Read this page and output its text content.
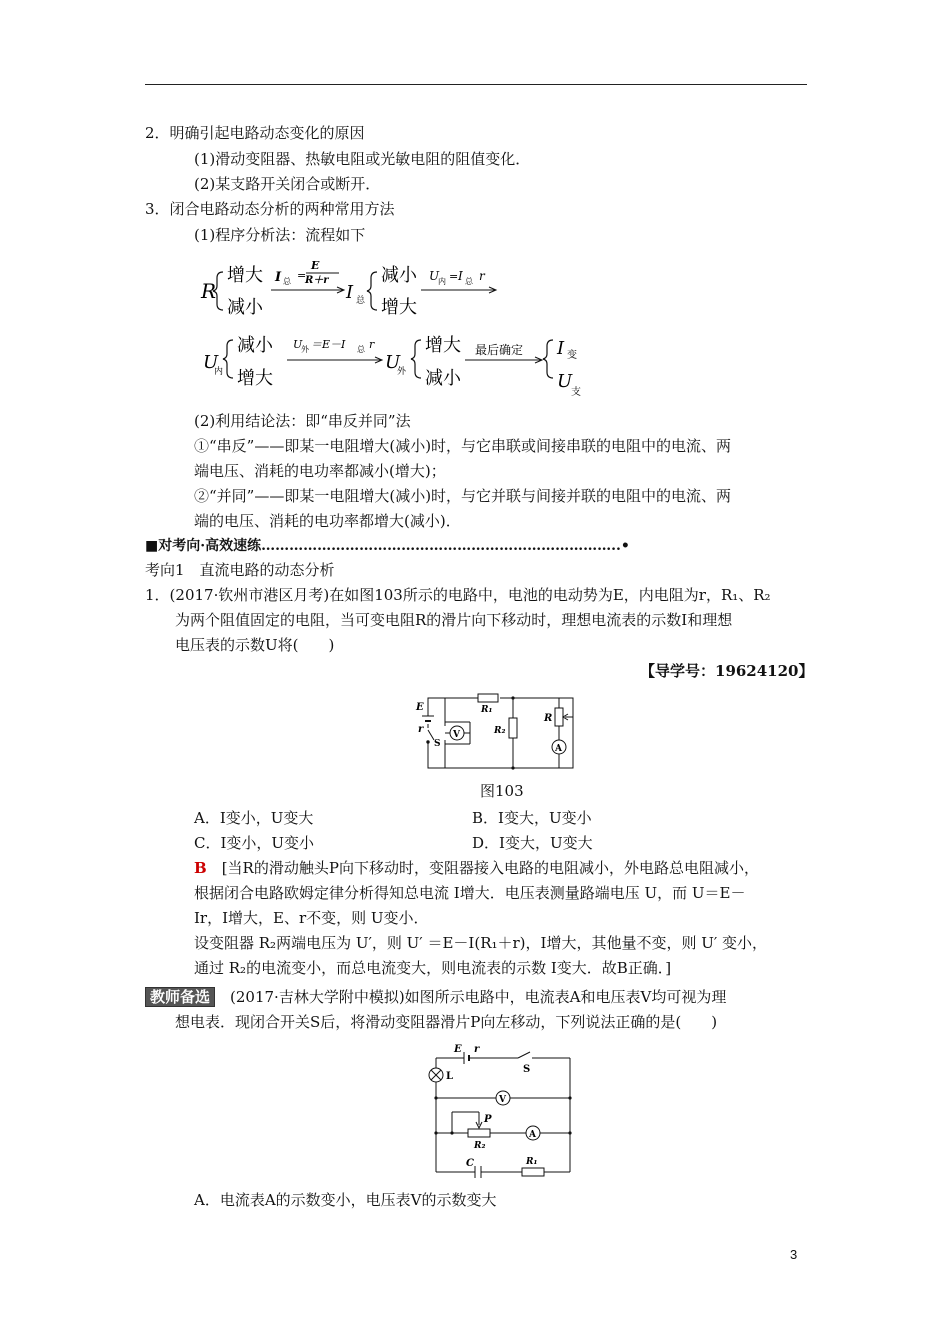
2．明确引起电路动态变化的原因
(1)滑动变阻器、热敏电阻或光敏电阻的阻值变化．
(2)某支路开关闭合或断开．
3．闭合电路动态分析的两种常用方法
(1)程序分析法：流程如下
R
增大
减小
I 总 =
E
R＋r
I 总
减小
增大
U
内 = I 总 r
U
内
减小
增大
U
外 ＝E－I 总 r
U
外
增大
减小
最后确定 I 变
U
支
(2)利用结论法：即“串反并同”法
①“串反”——即某一电阻增大(减小)时，与它串联或间接串联的电阻中的电流、两
端电压、消耗的电功率都减小(增大)；
②“并同”——即某一电阻增大(减小)时，与它并联与间接并联的电阻中的电流、两
端的电压、消耗的电功率都增大(减小)．
■对考向·高效速练…………………………………………………………………..•
考向1　直流电路的动态分析
1．(2017·钦州市港区月考)在如图103所示的电路中，电池的电动势为E，内电阻为r，R₁、R₂
为两个阻值固定的电阻，当可变电阻R的滑片向下移动时，理想电流表的示数I和理想
电压表的示数U将(　　)
【导学号：19624120】
E
r
S
V
R₁
R₂
R
A
图103
A．I变小，U变大	B．I变大，U变小
C．I变小，U变小	D．I变大，U变大
B　 [当R的滑动触头P向下移动时，变阻器接入电路的电阻减小，外电路总电阻减小，
根据闭合电路欧姆定律分析得知总电流 I增大．电压表测量路端电压 U，而 U＝E－
Ir，I增大，E、r不变，则 U变小．
设变阻器 R₂两端电压为 U′，则 U′ ＝E－I(R₁＋r)，I增大，其他量不变，则 U′ 变小，
通过 R₂的电流变小，而总电流变大，则电流表的示数 I变大．故B正确．]
教师备选　 (2017·吉林大学附中模拟)如图所示电路中，电流表A和电压表V均可视为理
想电表．现闭合开关S后，将滑动变阻器滑片P向左移动，下列说法正确的是(　　)
E r
S
L
V
P
R₂
A
C	R₁
A．电流表A的示数变小，电压表V的示数变大
3
